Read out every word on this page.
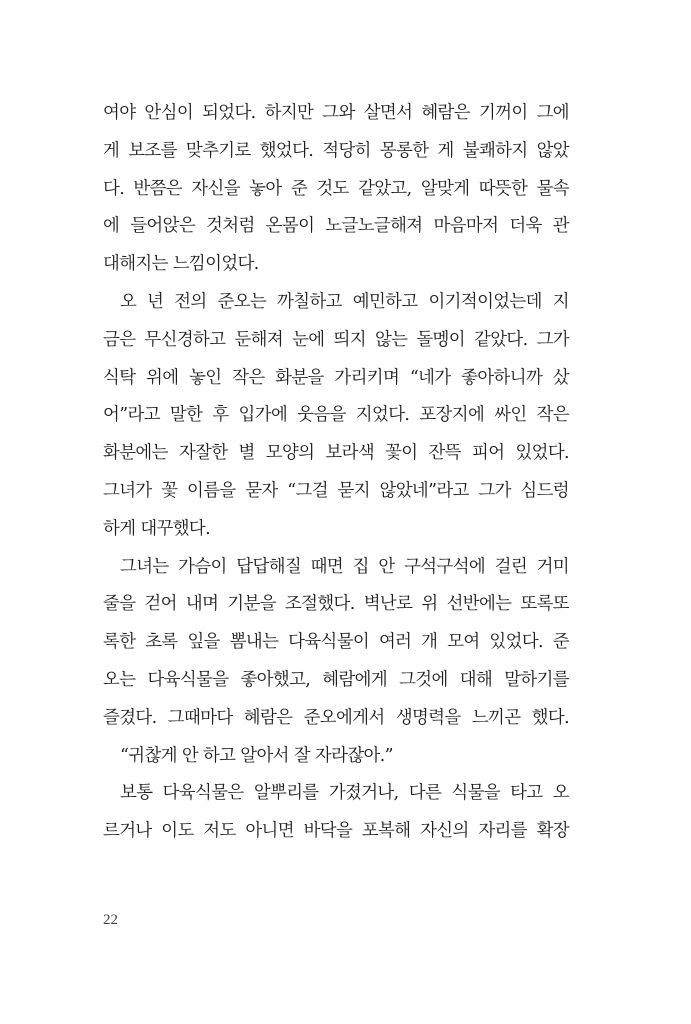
여야 안심이 되었다. 하지만 그와 살면서 혜람은 기꺼이 그에
게 보조를 맞추기로 했었다. 적당히 몽롱한 게 불쾌하지 않았
다. 반쯤은 자신을 놓아 준 것도 같았고, 알맞게 따뜻한 물속
에 들어앉은 것처럼 온몸이 노글노글해져 마음마저 더욱 관
대해지는 느낌이었다.
오 년 전의 준오는 까칠하고 예민하고 이기적이었는데 지
금은 무신경하고 둔해져 눈에 띄지 않는 돌멩이 같았다. 그가
식탁 위에 놓인 작은 화분을 가리키며 “네가 좋아하니까 샀
어”라고 말한 후 입가에 웃음을 지었다. 포장지에 싸인 작은
화분에는 자잘한 별 모양의 보라색 꽃이 잔뜩 피어 있었다.
그녀가 꽃 이름을 묻자 “그걸 묻지 않았네”라고 그가 심드렁
하게 대꾸했다.
그녀는 가슴이 답답해질 때면 집 안 구석구석에 걸린 거미
줄을 걷어 내며 기분을 조절했다. 벽난로 위 선반에는 또록또
록한 초록 잎을 뽐내는 다육식물이 여러 개 모여 있었다. 준
오는 다육식물을 좋아했고, 혜람에게 그것에 대해 말하기를
즐겼다. 그때마다 혜람은 준오에게서 생명력을 느끼곤 했다.
“귀찮게 안 하고 알아서 잘 자라잖아.”
보통 다육식물은 알뿌리를 가졌거나, 다른 식물을 타고 오
르거나 이도 저도 아니면 바닥을 포복해 자신의 자리를 확장
22
